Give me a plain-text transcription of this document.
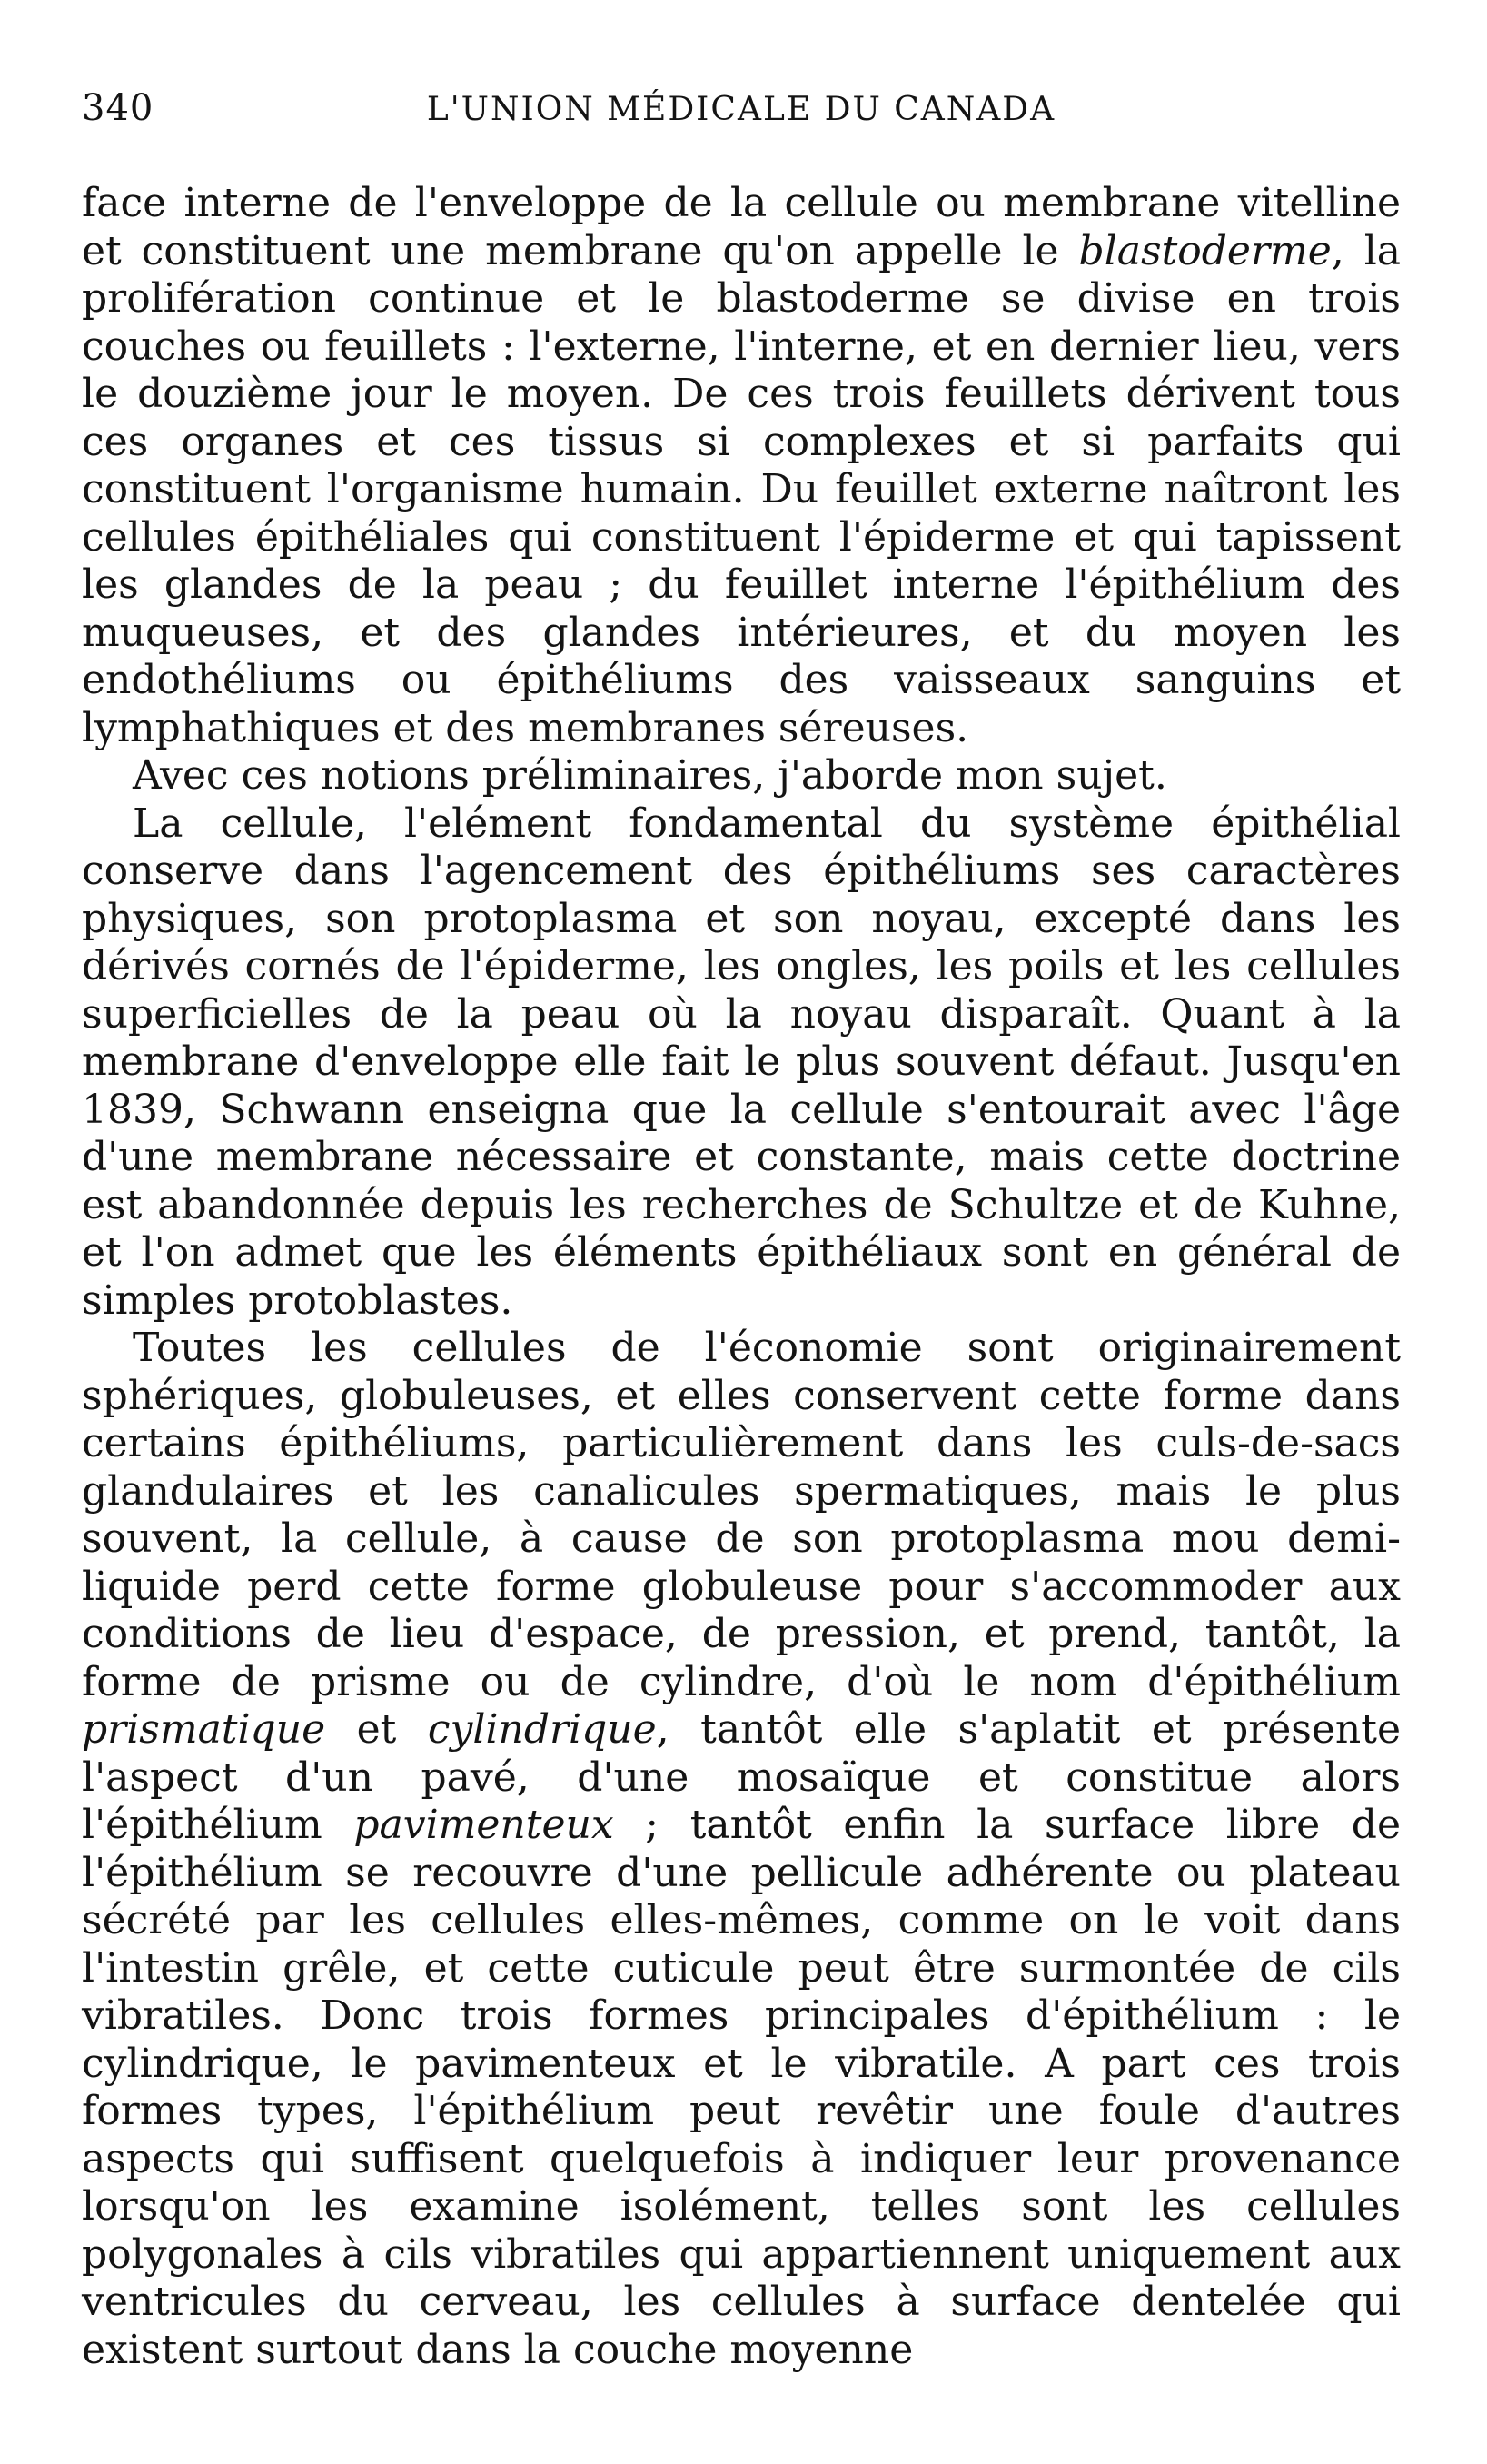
340	L'UNION MÉDICALE DU CANADA

face interne de l'enveloppe de la cellule ou membrane vitelline et constituent une membrane qu'on appelle le blastoderme, la prolifération continue et le blastoderme se divise en trois couches ou feuillets : l'externe, l'interne, et en dernier lieu, vers le douzième jour le moyen. De ces trois feuillets dérivent tous ces organes et ces tissus si complexes et si parfaits qui constituent l'organisme humain. Du feuillet externe naîtront les cellules épithéliales qui constituent l'épiderme et qui tapissent les glandes de la peau ; du feuillet interne l'épithélium des muqueuses, et des glandes intérieures, et du moyen les endothéliums ou épithéliums des vaisseaux sanguins et lymphathiques et des membranes séreuses.

Avec ces notions préliminaires, j'aborde mon sujet.

La cellule, l'elément fondamental du système épithélial conserve dans l'agencement des épithéliums ses caractères physiques, son protoplasma et son noyau, excepté dans les dérivés cornés de l'épiderme, les ongles, les poils et les cellules superficielles de la peau où la noyau disparaît. Quant à la membrane d'enveloppe elle fait le plus souvent défaut. Jusqu'en 1839, Schwann enseigna que la cellule s'entourait avec l'âge d'une membrane nécessaire et constante, mais cette doctrine est abandonnée depuis les recherches de Schultze et de Kuhne, et l'on admet que les éléments épithéliaux sont en général de simples protoblastes.

Toutes les cellules de l'économie sont originairement sphériques, globuleuses, et elles conservent cette forme dans certains épithéliums, particulièrement dans les culs-de-sacs glandulaires et les canalicules spermatiques, mais le plus souvent, la cellule, à cause de son protoplasma mou demi-liquide perd cette forme globuleuse pour s'accommoder aux conditions de lieu d'espace, de pression, et prend, tantôt, la forme de prisme ou de cylindre, d'où le nom d'épithélium prismatique et cylindrique, tantôt elle s'aplatit et présente l'aspect d'un pavé, d'une mosaïque et constitue alors l'épithélium pavimenteux ; tantôt enfin la surface libre de l'épithélium se recouvre d'une pellicule adhérente ou plateau sécrété par les cellules elles-mêmes, comme on le voit dans l'intestin grêle, et cette cuticule peut être surmontée de cils vibratiles. Donc trois formes principales d'épithélium : le cylindrique, le pavimenteux et le vibratile. A part ces trois formes types, l'épithélium peut revêtir une foule d'autres aspects qui suffisent quelquefois à indiquer leur provenance lorsqu'on les examine isolément, telles sont les cellules polygonales à cils vibratiles qui appartiennent uniquement aux ventricules du cerveau, les cellules à surface dentelée qui existent surtout dans la couche moyenne
